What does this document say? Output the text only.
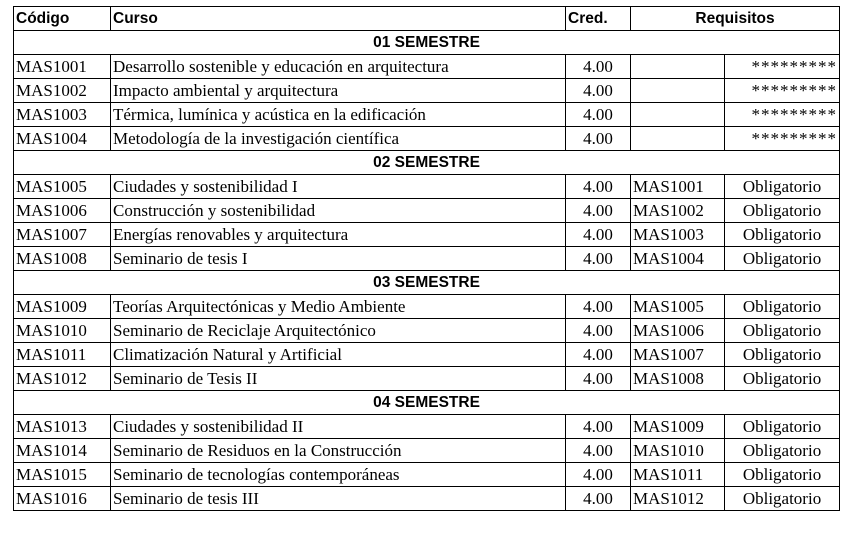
Código	Curso	Cred.	Requisitos	
01 SEMESTRE				
MAS1001	Desarrollo sostenible y educación en arquitectura	4.00		*********
MAS1002	Impacto ambiental y arquitectura	4.00		*********
MAS1003	Térmica, lumínica y acústica en la edificación	4.00		*********
MAS1004	Metodología de la investigación científica	4.00		*********
02 SEMESTRE				
MAS1005	Ciudades y sostenibilidad I	4.00	MAS1001	Obligatorio
MAS1006	Construcción y sostenibilidad	4.00	MAS1002	Obligatorio
MAS1007	Energías renovables y arquitectura	4.00	MAS1003	Obligatorio
MAS1008	Seminario de tesis I	4.00	MAS1004	Obligatorio
03 SEMESTRE				
MAS1009	Teorías Arquitectónicas y Medio Ambiente	4.00	MAS1005	Obligatorio
MAS1010	Seminario de Reciclaje Arquitectónico	4.00	MAS1006	Obligatorio
MAS1011	Climatización Natural y Artificial	4.00	MAS1007	Obligatorio
MAS1012	Seminario de Tesis II	4.00	MAS1008	Obligatorio
04 SEMESTRE				
MAS1013	Ciudades y sostenibilidad II	4.00	MAS1009	Obligatorio
MAS1014	Seminario de Residuos en la Construcción	4.00	MAS1010	Obligatorio
MAS1015	Seminario de tecnologías contemporáneas	4.00	MAS1011	Obligatorio
MAS1016	Seminario de tesis III	4.00	MAS1012	Obligatorio
